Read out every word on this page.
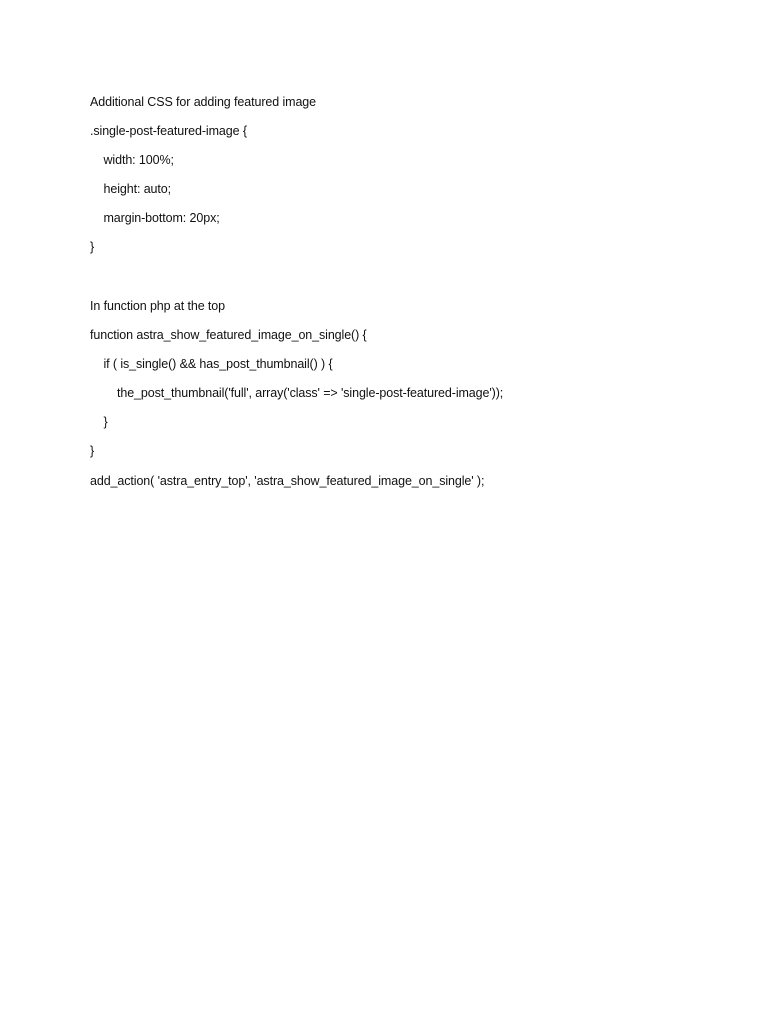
Additional CSS for adding featured image
.single-post-featured-image {
width: 100%;
height: auto;
margin-bottom: 20px;
}
In function php at the top
function astra_show_featured_image_on_single() {
if ( is_single() && has_post_thumbnail() ) {
the_post_thumbnail('full', array('class' => 'single-post-featured-image'));
}
}
add_action( 'astra_entry_top', 'astra_show_featured_image_on_single' );
